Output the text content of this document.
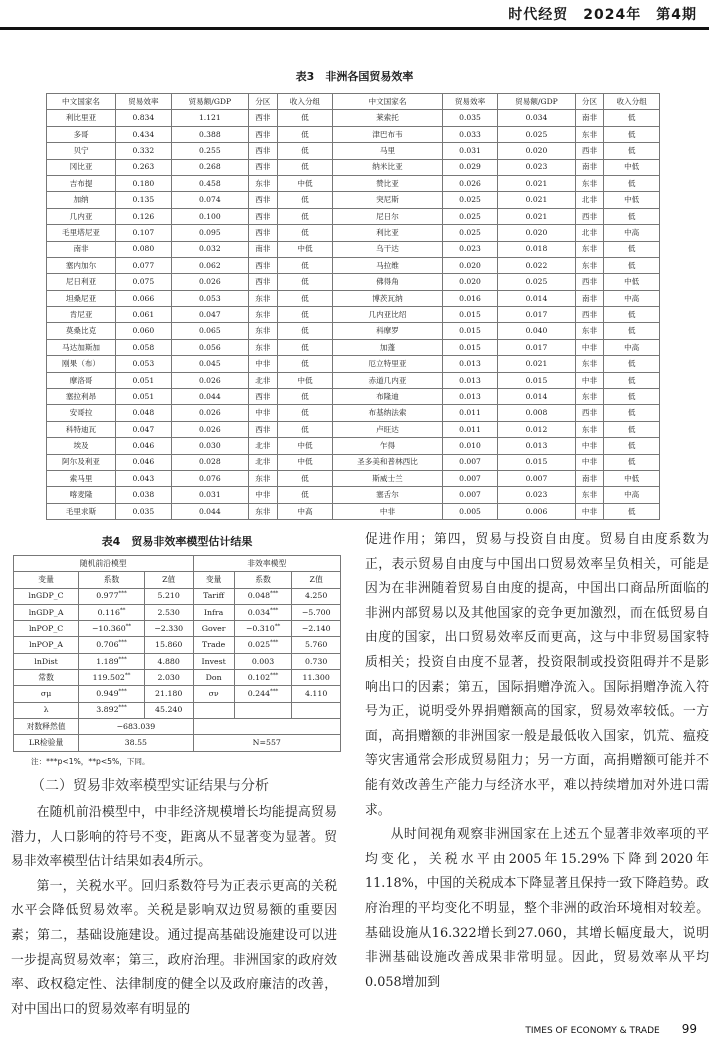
时代经贸　2024年　第4期
表3　非洲各国贸易效率
中文国家名	贸易效率	贸易额/GDP	分区	收入分组	中文国家名	贸易效率	贸易额/GDP	分区	收入分组
利比里亚	0.834	1.121	西非	低	莱索托	0.035	0.034	南非	低
多哥	0.434	0.388	西非	低	津巴布韦	0.033	0.025	东非	低
贝宁	0.332	0.255	西非	低	马里	0.031	0.020	西非	低
冈比亚	0.263	0.268	西非	低	纳米比亚	0.029	0.023	南非	中低
吉布提	0.180	0.458	东非	中低	赞比亚	0.026	0.021	东非	低
加纳	0.135	0.074	西非	低	突尼斯	0.025	0.021	北非	中低
几内亚	0.126	0.100	西非	低	尼日尔	0.025	0.021	西非	低
毛里塔尼亚	0.107	0.095	西非	低	利比亚	0.025	0.020	北非	中高
南非	0.080	0.032	南非	中低	乌干达	0.023	0.018	东非	低
塞内加尔	0.077	0.062	西非	低	马拉维	0.020	0.022	东非	低
尼日利亚	0.075	0.026	西非	低	佛得角	0.020	0.025	西非	中低
坦桑尼亚	0.066	0.053	东非	低	博茨瓦纳	0.016	0.014	南非	中高
肯尼亚	0.061	0.047	东非	低	几内亚比绍	0.015	0.017	西非	低
莫桑比克	0.060	0.065	东非	低	科摩罗	0.015	0.040	东非	低
马达加斯加	0.058	0.056	东非	低	加蓬	0.015	0.017	中非	中高
刚果（布）	0.053	0.045	中非	低	厄立特里亚	0.013	0.021	东非	低
摩洛哥	0.051	0.026	北非	中低	赤道几内亚	0.013	0.015	中非	低
塞拉利昂	0.051	0.044	西非	低	布隆迪	0.013	0.014	东非	低
安哥拉	0.048	0.026	中非	低	布基纳法索	0.011	0.008	西非	低
科特迪瓦	0.047	0.026	西非	低	卢旺达	0.011	0.012	东非	低
埃及	0.046	0.030	北非	中低	乍得	0.010	0.013	中非	低
阿尔及利亚	0.046	0.028	北非	中低	圣多美和普林西比	0.007	0.015	中非	低
索马里	0.043	0.076	东非	低	斯威士兰	0.007	0.007	南非	中低
喀麦隆	0.038	0.031	中非	低	塞舌尔	0.007	0.023	东非	中高
毛里求斯	0.035	0.044	东非	中高	中非	0.005	0.006	中非	低
表4　贸易非效率模型估计结果
随机前沿模型			非效率模型		
变量	系数	Z值	变量	系数	Z值
lnGDP_C	0.977***	5.210	Tariff	0.048***	4.250
lnGDP_A	0.116**	2.530	Infra	0.034***	−5.700
lnPOP_C	−10.360**	−2.330	Gover	−0.310**	−2.140
lnPOP_A	0.706***	15.860	Trade	0.025***	5.760
lnDist	1.189***	4.880	Invest	0.003	0.730
常数	119.502**	2.030	Don	0.102***	11.300
σμ	0.949***	21.180	σν	0.244***	4.110
λ	3.892***	45.240			
对数释然值	−683.039				
LR检验量	38.55		N=557		
注：***p<1%，**p<5%，下同。
（二）贸易非效率模型实证结果与分析

在随机前沿模型中，中非经济规模增长均能提高贸易潜力，人口影响的符号不变，距离从不显著变为显著。贸易非效率模型估计结果如表4所示。

第一，关税水平。回归系数符号为正表示更高的关税水平会降低贸易效率。关税是影响双边贸易额的重要因素；第二，基础设施建设。通过提高基础设施建设可以进一步提高贸易效率；第三，政府治理。非洲国家的政府效率、政权稳定性、法律制度的健全以及政府廉洁的改善，对中国出口的贸易效率有明显的

促进作用；第四，贸易与投资自由度。贸易自由度系数为正，表示贸易自由度与中国出口贸易效率呈负相关，可能是因为在非洲随着贸易自由度的提高，中国出口商品所面临的非洲内部贸易以及其他国家的竞争更加激烈，而在低贸易自由度的国家，出口贸易效率反而更高，这与中非贸易国家特质相关；投资自由度不显著，投资限制或投资阻碍并不是影响出口的因素；第五，国际捐赠净流入。国际捐赠净流入符号为正，说明受外界捐赠额高的国家，贸易效率较低。一方面，高捐赠额的非洲国家一般是最低收入国家，饥荒、瘟疫等灾害通常会形成贸易阻力；另一方面，高捐赠额可能并不能有效改善生产能力与经济水平，难以持续增加对外进口需求。

从时间视角观察非洲国家在上述五个显著非效率项的平均变化，关税水平由2005年15.29%下降到2020年11.18%，中国的关税成本下降显著且保持一致下降趋势。政府治理的平均变化不明显，整个非洲的政治环境相对较差。基础设施从16.322增长到27.060，其增长幅度最大，说明非洲基础设施改善成果非常明显。因此，贸易效率从平均0.058增加到

TIMES OF ECONOMY & TRADE 99
